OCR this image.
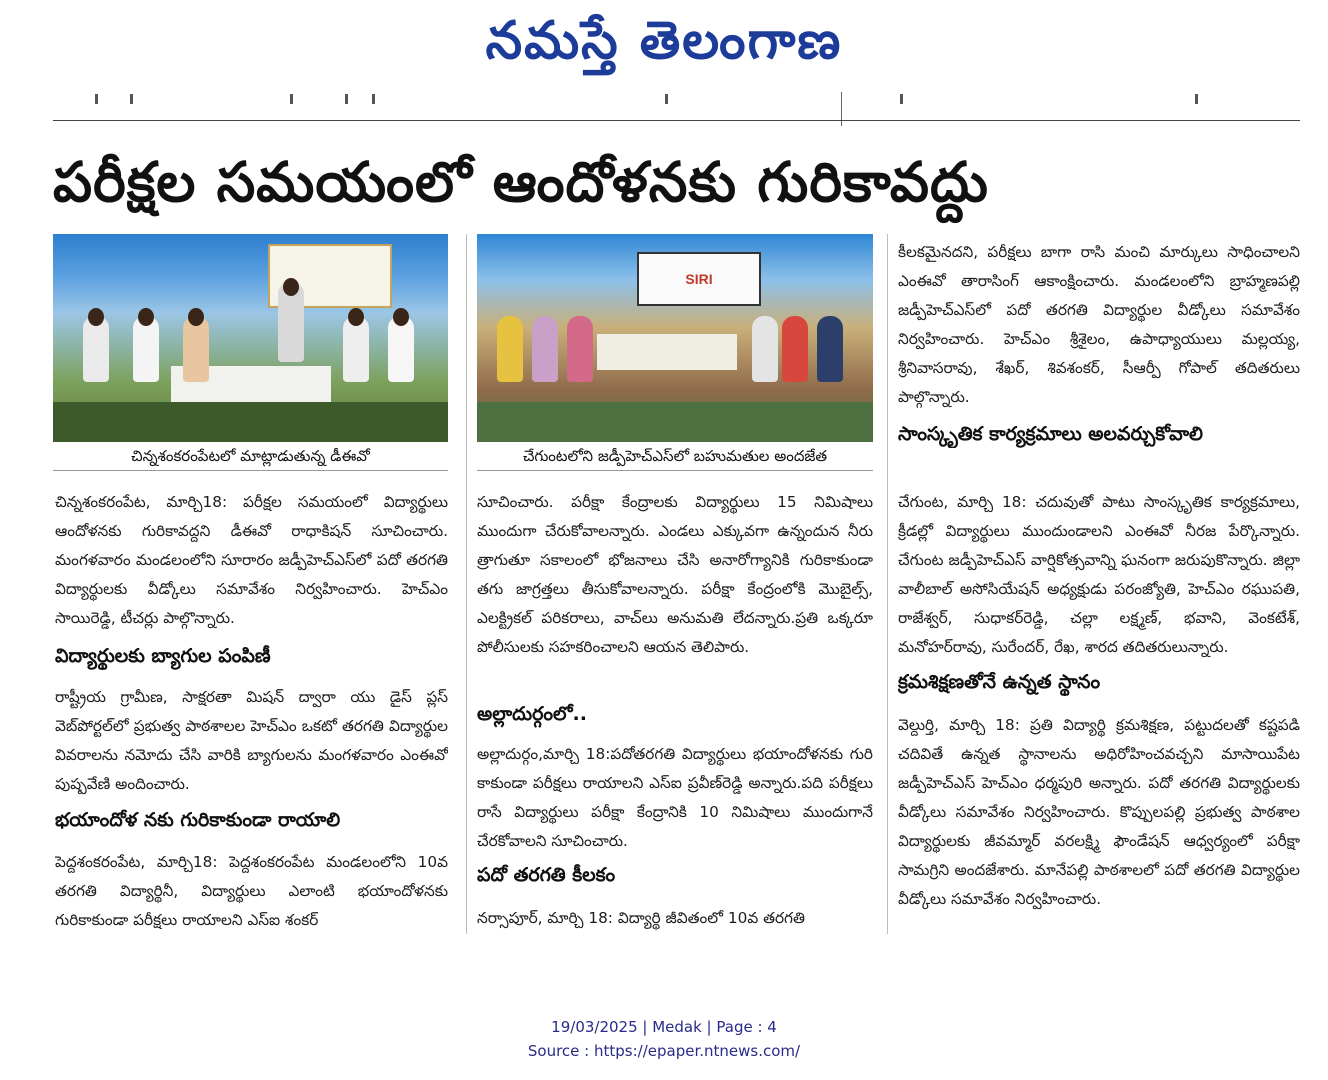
నమస్తే తెలంగాణ
పరీక్షల సమయంలో ఆందోళనకు గురికావద్దు
చిన్నశంకరంపేటలో మాట్లాడుతున్న డీఈవో
SIRI
చేగుంటలోని జడ్పీహెచ్ఎస్‌లో బహుమతుల అందజేత

చిన్నశంకరంపేట, మార్చి18: పరీక్షల సమయంలో విద్యార్థులు ఆందోళనకు గురికావద్దని డీఈవో రాధాకిషన్ సూచించారు. మంగళవారం మండలంలోని సూరారం జడ్పీహెచ్ఎస్‌లో పదో తరగతి విద్యార్థులకు వీడ్కోలు సమావేశం నిర్వహించారు. హెచ్ఎం సాయిరెడ్డి, టీచర్లు పాల్గొన్నారు.

విద్యార్థులకు బ్యాగుల పంపిణీ

రాష్ట్రీయ గ్రామీణ, సాక్షరతా మిషన్ ద్వారా యు డైస్ ప్లస్ వెబ్‌పోర్టల్‌లో ప్రభుత్వ పాఠశాలల హెచ్ఎం ఒకటో తరగతి విద్యార్థుల వివరాలను నమోదు చేసి వారికి బ్యాగులను మంగళవారం ఎంఈవో పుష్పవేణి అందించారు.

భయాందోళ నకు గురికాకుండా రాయాలి

పెద్దశంకరంపేట, మార్చి18: పెద్దశంకరంపేట మండలంలోని 10వ తరగతి విద్యార్థినీ, విద్యార్థులు ఎలాంటి భయాందోళనకు గురికాకుండా పరీక్షలు రాయాలని ఎస్ఐ శంకర్

సూచించారు. పరీక్షా కేంద్రాలకు విద్యార్థులు 15 నిమిషాలు ముందుగా చేరుకోవాలన్నారు. ఎండలు ఎక్కువగా ఉన్నందున నీరు త్రాగుతూ సకాలంలో భోజనాలు చేసి అనారోగ్యానికి గురికాకుండా తగు జాగ్రత్తలు తీసుకోవాలన్నారు. పరీక్షా కేంద్రంలోకి మొబైల్స్, ఎలక్ట్రికల్ పరికరాలు, వాచ్‌లు అనుమతి లేదన్నారు.ప్రతి ఒక్కరూ పోలీసులకు సహకరించాలని ఆయన తెలిపారు.

అల్లాదుర్గంలో..

అల్లాదుర్గం,మార్చి 18:పదోతరగతి విద్యార్థులు భయాందోళనకు గురి కాకుండా పరీక్షలు రాయాలని ఎస్ఐ ప్రవీణ్‌రెడ్డి అన్నారు.పది పరీక్షలు రాసే విద్యార్థులు పరీక్షా కేంద్రానికి 10 నిమిషాలు ముందుగానే చేరకోవాలని సూచించారు.

పదో తరగతి కీలకం

నర్సాపూర్, మార్చి 18: విద్యార్థి జీవితంలో 10వ తరగతి

కీలకమైనదని, పరీక్షలు బాగా రాసి మంచి మార్కులు సాధించాలని ఎంఈవో తారాసింగ్ ఆకాంక్షించారు. మండలంలోని బ్రాహ్మణపల్లి జడ్పీహెచ్ఎస్‌లో పదో తరగతి విద్యార్థుల వీడ్కోలు సమావేశం నిర్వహించారు. హెచ్ఎం శ్రీశైలం, ఉపాధ్యాయులు మల్లయ్య, శ్రీనివాసరావు, శేఖర్, శివశంకర్, సీఆర్పీ గోపాల్ తదితరులు పాల్గొన్నారు.

సాంస్కృతిక కార్యక్రమాలు అలవర్చుకోవాలి

చేగుంట, మార్చి 18: చదువుతో పాటు సాంస్కృతిక కార్యక్రమాలు, క్రీడల్లో విద్యార్థులు ముందుండాలని ఎంఈవో నీరజ పేర్కొన్నారు. చేగుంట జడ్పీహెచ్ఎస్ వార్షికోత్సవాన్ని ఘనంగా జరుపుకొన్నారు. జిల్లా వాలీబాల్ అసోసియేషన్ అధ్యక్షుడు పరంజ్యోతి, హెచ్ఎం రఘుపతి, రాజేశ్వర్, సుధాకర్‌రెడ్డి, చల్లా లక్ష్మణ్, భవాని, వెంకటేశ్, మనోహర్‌రావు, సురేందర్, రేఖ, శారద తదితరులున్నారు.

క్రమశిక్షణతోనే ఉన్నత స్థానం

వెల్దుర్తి, మార్చి 18: ప్రతి విద్యార్థి క్రమశిక్షణ, పట్టుదలతో కష్టపడి చదివితే ఉన్నత స్థానాలను అధిరోహించవచ్చని మాసాయిపేట జడ్పీహెచ్ఎస్ హెచ్ఎం ధర్మపురి అన్నారు. పదో తరగతి విద్యార్థులకు వీడ్కోలు సమావేశం నిర్వహించారు. కొప్పులపల్లి ప్రభుత్వ పాఠశాల విద్యార్థులకు జీవమ్మార్ వరలక్ష్మి ఫౌండేషన్ ఆధ్వర్యంలో పరీక్షా సామగ్రిని అందజేశారు. మానేపల్లి పాఠశాలలో పదో తరగతి విద్యార్థుల వీడ్కోలు సమావేశం నిర్వహించారు.

19/03/2025 | Medak | Page : 4
Source : https://epaper.ntnews.com/
